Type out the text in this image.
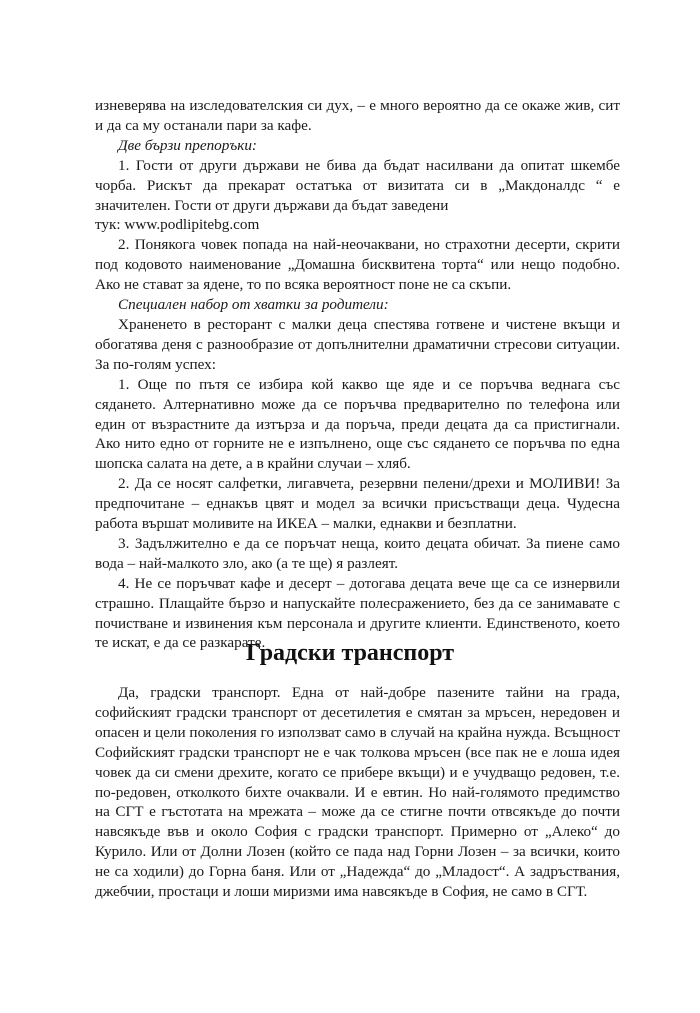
изневерява на изследователския си дух, – е много вероятно да се окаже жив, сит и да са му останали пари за кафе.

Две бързи препоръки:

1. Гости от други държави не бива да бъдат насилвани да опитат шкембе чорба. Рискът да прекарат остатъка от визитата си в „Макдоналдс “ е значителен. Гости от други държави да бъдат заведени

тук: www.podlipitebg.com

2. Понякога човек попада на най-неочаквани, но страхотни десерти, скрити под кодовото наименование „Домашна бисквитена торта“ или нещо подобно. Ако не стават за ядене, то по всяка вероятност поне не са скъпи.

Специален набор от хватки за родители:

Храненето в ресторант с малки деца спестява готвене и чистене вкъщи и обогатява деня с разнообразие от допълнителни драматични стресови ситуации. За по-голям успех:

1. Още по пътя се избира кой какво ще яде и се поръчва веднага със сядането. Алтернативно може да се поръчва предварително по телефона или един от възрастните да изтърза и да поръча, преди децата да са пристигнали. Ако нито едно от горните не е изпълнено, още със сядането се поръчва по една шопска салата на дете, а в крайни случаи – хляб.

2. Да се носят салфетки, лигавчета, резервни пелени/дрехи и МОЛИВИ! За предпочитане – еднакъв цвят и модел за всички присъстващи деца. Чудесна работа вършат моливите на ИКЕА – малки, еднакви и безплатни.

3. Задължително е да се поръчат неща, които децата обичат. За пиене само вода – най-малкото зло, ако (а те ще) я разлеят.

4. Не се поръчват кафе и десерт – дотогава децата вече ще са се изнервили страшно. Плащайте бързо и напускайте полесражението, без да се занимавате с почистване и извинения към персонала и другите клиенти. Единственото, което те искат, е да се разкарате.

Градски транспорт

Да, градски транспорт. Една от най-добре пазените тайни на града, софийският градски транспорт от десетилетия е смятан за мръсен, нередовен и опасен и цели поколения го използват само в случай на крайна нужда. Всъщност Софийският градски транспорт не е чак толкова мръсен (все пак не е лоша идея човек да си смени дрехите, когато се прибере вкъщи) и е учудващо редовен, т.е. по-редовен, отколкото бихте очаквали. И е евтин. Но най-голямото предимство на СГТ е гъстотата на мрежата – може да се стигне почти отвсякъде до почти навсякъде във и около София с градски транспорт. Примерно от „Алеко“ до Курило. Или от Долни Лозен (който се пада над Горни Лозен – за всички, които не са ходили) до Горна баня. Или от „Надежда“ до „Младост“. А задръствания, джебчии, простаци и лоши миризми има навсякъде в София, не само в СГТ.
